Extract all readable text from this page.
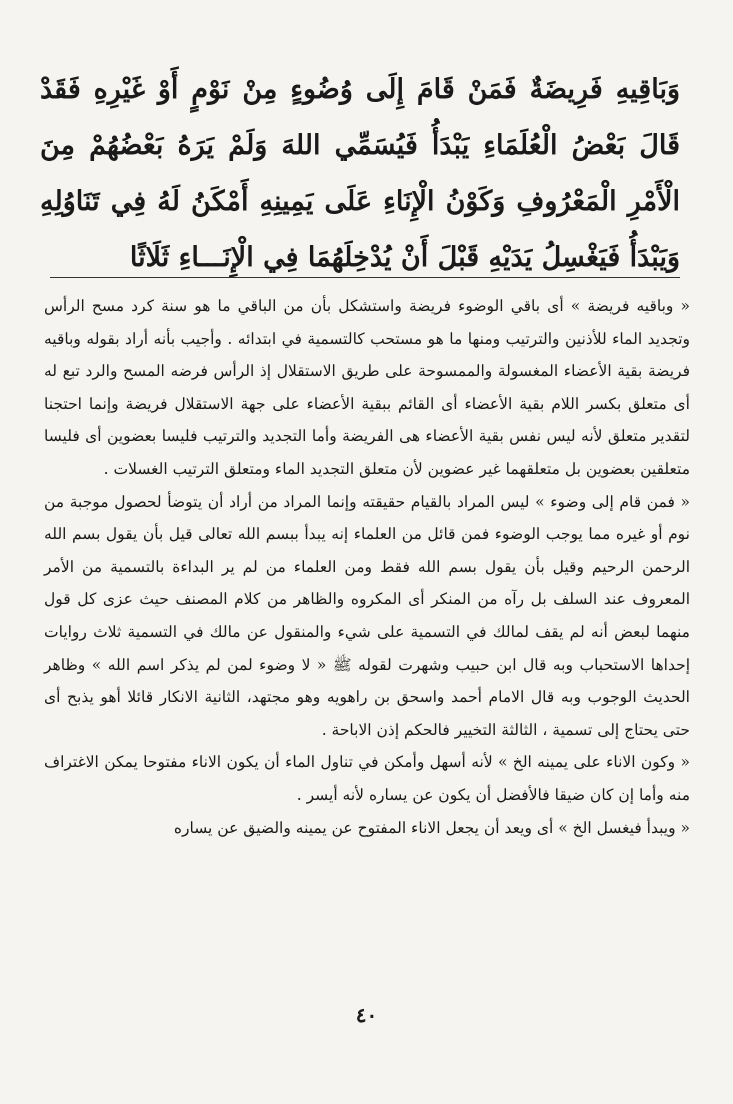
وَبَاقِيهِ فَرِيضَةٌ فَمَنْ قَامَ إِلَى وُضُوءٍ مِنْ نَوْمٍ أَوْ غَيْرِهِ فَقَدْ قَالَ بَعْضُ الْعُلَمَاءِ يَبْدَأُ فَيُسَمِّي اللهَ وَلَمْ يَرَهُ بَعْضُهُمْ مِنَ الْأَمْرِ الْمَعْرُوفِ وَكَوْنُ الْإِنَاءِ عَلَى يَمِينِهِ أَمْكَنُ لَهُ فِي تَنَاوُلِهِ وَيَبْدَأُ فَيَغْسِلُ يَدَيْهِ قَبْلَ أَنْ يُدْخِلَهُمَا فِي الْإِنَـــاءِ ثَلَاثًا

« وباقيه فريضة » أى باقي الوضوء فريضة واستشكل بأن من الباقي ما هو سنة كرد مسح الرأس وتجديد الماء للأذنين والترتيب ومنها ما هو مستحب كالتسمية في ابتدائه . وأجيب بأنه أراد بقوله وباقيه فريضة بقية الأعضاء المغسولة والممسوحة على طريق الاستقلال إذ الرأس فرضه المسح والرد تبع له أى متعلق بكسر اللام بقية الأعضاء أى القائم ببقية الأعضاء على جهة الاستقلال فريضة وإنما احتجنا لتقدير متعلق لأنه ليس نفس بقية الأعضاء هى الفريضة وأما التجديد والترتيب فليسا بعضوين أى فليسا متعلقين بعضوين بل متعلقهما غير عضوين لأن متعلق التجديد الماء ومتعلق الترتيب الغسلات .

« فمن قام إلى وضوء » ليس المراد بالقيام حقيقته وإنما المراد من أراد أن يتوضأ لحصول موجبة من نوم أو غيره مما يوجب الوضوء فمن قائل من العلماء إنه يبدأ ببسم الله تعالى قيل بأن يقول بسم الله الرحمن الرحيم وقيل بأن يقول بسم الله فقط ومن العلماء من لم ير البداءة بالتسمية من الأمر المعروف عند السلف بل رآه من المنكر أى المكروه والظاهر من كلام المصنف حيث عزى كل قول منهما لبعض أنه لم يقف لمالك في التسمية على شيء والمنقول عن مالك في التسمية ثلاث روايات إحداها الاستحباب وبه قال ابن حبيب وشهرت لقوله ﷺ « لا وضوء لمن لم يذكر اسم الله » وظاهر الحديث الوجوب وبه قال الامام أحمد واسحق بن راهويه وهو مجتهد، الثانية الانكار قائلا أهو يذبح أى حتى يحتاج إلى تسمية ، الثالثة التخيير فالحكم إذن الاباحة .

« وكون الاناء على يمينه الخ » لأنه أسهل وأمكن في تناول الماء أن يكون الاناء مفتوحا يمكن الاغتراف منه وأما إن كان ضيقا فالأفضل أن يكون عن يساره لأنه أيسر .

« ويبدأ فيغسل الخ » أى ويعد أن يجعل الاناء المفتوح عن يمينه والضيق عن يساره

٤٠
